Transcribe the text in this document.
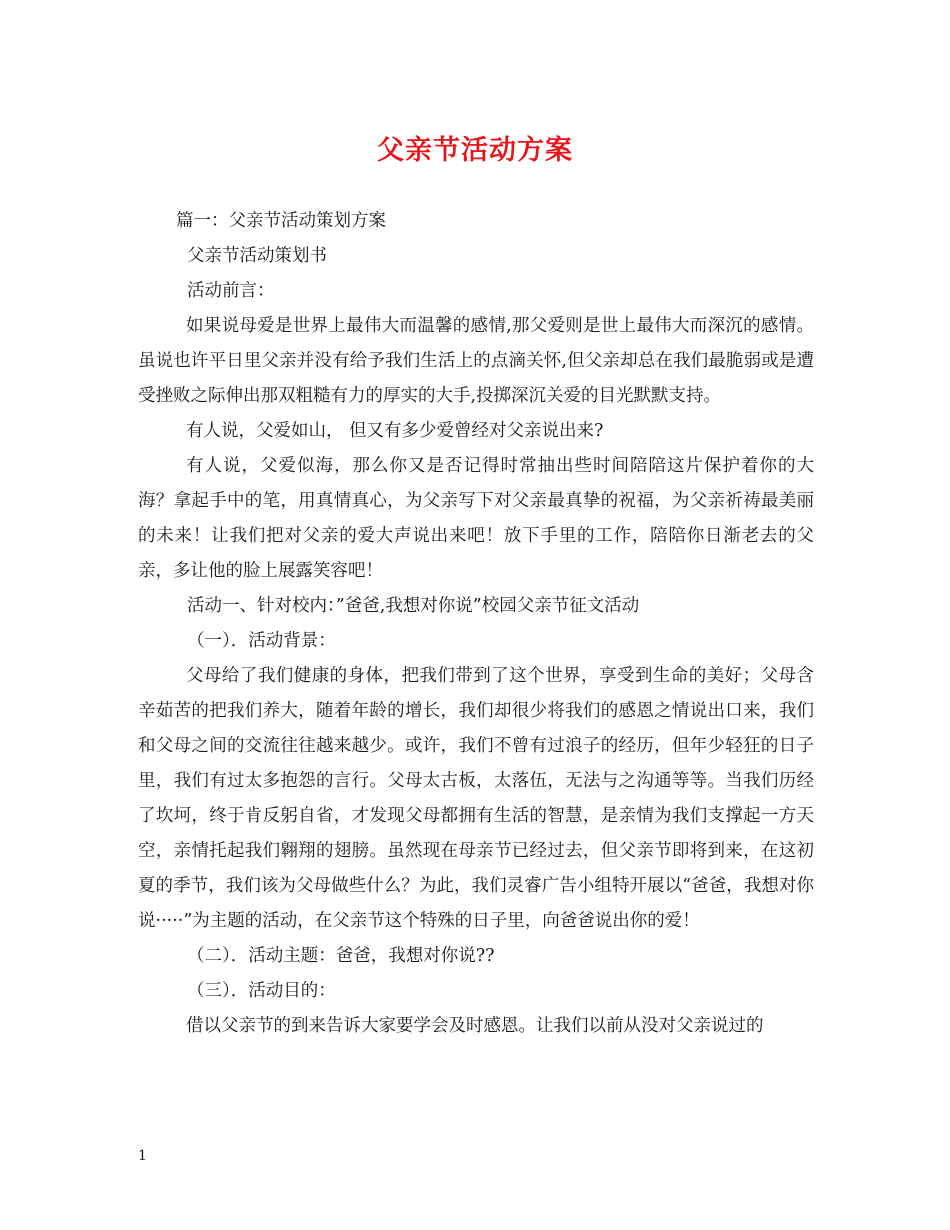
父亲节活动方案
篇一：父亲节活动策划方案
父亲节活动策划书
活动前言：
如果说母爱是世界上最伟大而温馨的感情,那父爱则是世上最伟大而深沉的感情。虽说也许平日里父亲并没有给予我们生活上的点滴关怀,但父亲却总在我们最脆弱或是遭受挫败之际伸出那双粗糙有力的厚实的大手,投掷深沉关爱的目光默默支持。
有人说，父爱如山， 但又有多少爱曾经对父亲说出来?
有人说，父爱似海，那么你又是否记得时常抽出些时间陪陪这片保护着你的大海？拿起手中的笔，用真情真心，为父亲写下对父亲最真挚的祝福，为父亲祈祷最美丽的未来！让我们把对父亲的爱大声说出来吧！放下手里的工作，陪陪你日渐老去的父亲，多让他的脸上展露笑容吧！
活动一、针对校内：”爸爸,我想对你说”校园父亲节征文活动
（一）．活动背景：
父母给了我们健康的身体，把我们带到了这个世界，享受到生命的美好；父母含辛茹苦的把我们养大，随着年龄的增长，我们却很少将我们的感恩之情说出口来，我们和父母之间的交流往往越来越少。或许，我们不曾有过浪子的经历，但年少轻狂的日子里，我们有过太多抱怨的言行。父母太古板，太落伍，无法与之沟通等等。当我们历经了坎坷，终于肯反躬自省，才发现父母都拥有生活的智慧，是亲情为我们支撑起一方天空，亲情托起我们翱翔的翅膀。虽然现在母亲节已经过去，但父亲节即将到来，在这初夏的季节，我们该为父母做些什么？为此，我们灵睿广告小组特开展以“爸爸，我想对你说·····”为主题的活动，在父亲节这个特殊的日子里，向爸爸说出你的爱！
（二）．活动主题：爸爸，我想对你说??
（三）．活动目的：
借以父亲节的到来告诉大家要学会及时感恩。让我们以前从没对父亲说过的
1
